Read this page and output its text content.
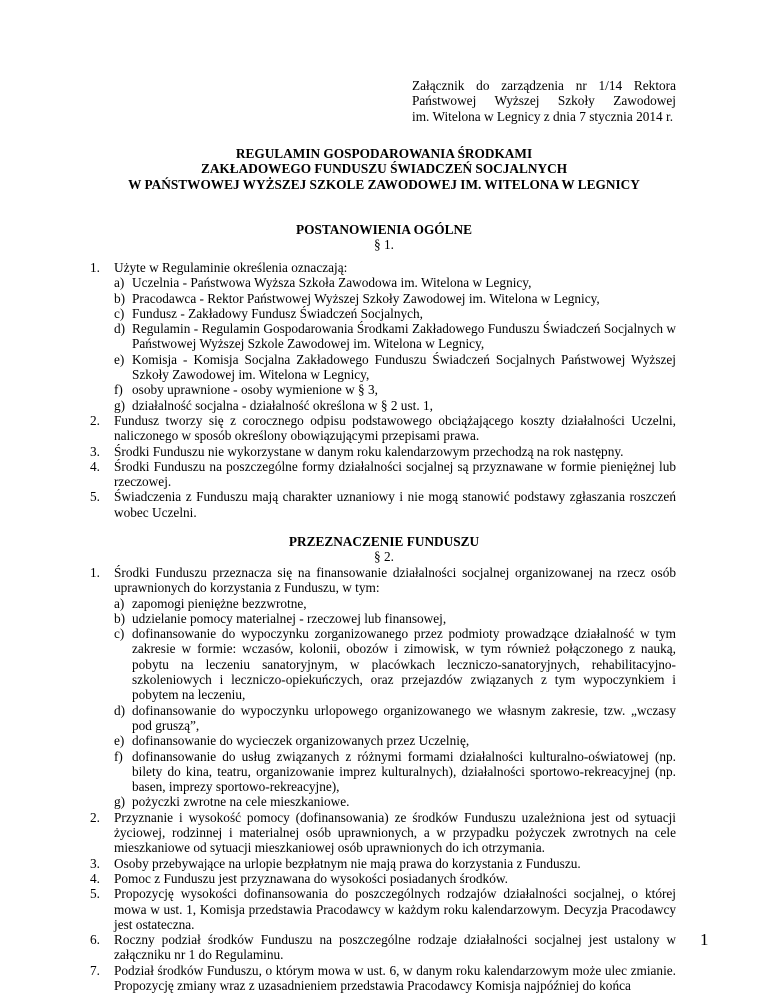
Załącznik do zarządzenia nr 1/14 Rektora
Państwowej Wyższej Szkoły Zawodowej
im. Witelona w Legnicy z dnia 7 stycznia 2014 r.
REGULAMIN GOSPODAROWANIA ŚRODKAMI
ZAKŁADOWEGO FUNDUSZU ŚWIADCZEŃ SOCJALNYCH
W PAŃSTWOWEJ WYŻSZEJ SZKOLE ZAWODOWEJ IM. WITELONA W LEGNICY
POSTANOWIENIA OGÓLNE
§ 1.
1. Użyte w Regulaminie określenia oznaczają:
a) Uczelnia - Państwowa Wyższa Szkoła Zawodowa im. Witelona w Legnicy,
b) Pracodawca - Rektor Państwowej Wyższej Szkoły Zawodowej im. Witelona w Legnicy,
c) Fundusz - Zakładowy Fundusz Świadczeń Socjalnych,
d) Regulamin - Regulamin Gospodarowania Środkami Zakładowego Funduszu Świadczeń Socjalnych w Państwowej Wyższej Szkole Zawodowej im. Witelona w Legnicy,
e) Komisja - Komisja Socjalna Zakładowego Funduszu Świadczeń Socjalnych Państwowej Wyższej Szkoły Zawodowej im. Witelona w Legnicy,
f) osoby uprawnione - osoby wymienione w § 3,
g) działalność socjalna - działalność określona w § 2 ust. 1,
2. Fundusz tworzy się z corocznego odpisu podstawowego obciążającego koszty działalności Uczelni, naliczonego w sposób określony obowiązującymi przepisami prawa.
3. Środki Funduszu nie wykorzystane w danym roku kalendarzowym przechodzą na rok następny.
4. Środki Funduszu na poszczególne formy działalności socjalnej są przyznawane w formie pieniężnej lub rzeczowej.
5. Świadczenia z Funduszu mają charakter uznaniowy i nie mogą stanowić podstawy zgłaszania roszczeń wobec Uczelni.
PRZEZNACZENIE FUNDUSZU
§ 2.
1. Środki Funduszu przeznacza się na finansowanie działalności socjalnej organizowanej na rzecz osób uprawnionych do korzystania z Funduszu, w tym:
a) zapomogi pieniężne bezzwrotne,
b) udzielanie pomocy materialnej - rzeczowej lub finansowej,
c) dofinansowanie do wypoczynku zorganizowanego przez podmioty prowadzące działalność w tym zakresie w formie: wczasów, kolonii, obozów i zimowisk, w tym również połączonego z nauką, pobytu na leczeniu sanatoryjnym, w placówkach leczniczo-sanatoryjnych, rehabilitacyjno-szkoleniowych i leczniczo-opiekuńczych, oraz przejazdów związanych z tym wypoczynkiem i pobytem na leczeniu,
d) dofinansowanie do wypoczynku urlopowego organizowanego we własnym zakresie, tzw. „wczasy pod gruszą”,
e) dofinansowanie do wycieczek organizowanych przez Uczelnię,
f) dofinansowanie do usług związanych z różnymi formami działalności kulturalno-oświatowej (np. bilety do kina, teatru, organizowanie imprez kulturalnych), działalności sportowo-rekreacyjnej (np. basen, imprezy sportowo-rekreacyjne),
g) pożyczki zwrotne na cele mieszkaniowe.
2. Przyznanie i wysokość pomocy (dofinansowania) ze środków Funduszu uzależniona jest od sytuacji życiowej, rodzinnej i materialnej osób uprawnionych, a w przypadku pożyczek zwrotnych na cele mieszkaniowe od sytuacji mieszkaniowej osób uprawnionych do ich otrzymania.
3. Osoby przebywające na urlopie bezpłatnym nie mają prawa do korzystania z Funduszu.
4. Pomoc z Funduszu jest przyznawana do wysokości posiadanych środków.
5. Propozycję wysokości dofinansowania do poszczególnych rodzajów działalności socjalnej, o której mowa w ust. 1, Komisja przedstawia Pracodawcy w każdym roku kalendarzowym. Decyzja Pracodawcy jest ostateczna.
6. Roczny podział środków Funduszu na poszczególne rodzaje działalności socjalnej jest ustalony w załączniku nr 1 do Regulaminu.
7. Podział środków Funduszu, o którym mowa w ust. 6, w danym roku kalendarzowym może ulec zmianie. Propozycję zmiany wraz z uzasadnieniem przedstawia Pracodawcy Komisja najpóźniej do końca
1
